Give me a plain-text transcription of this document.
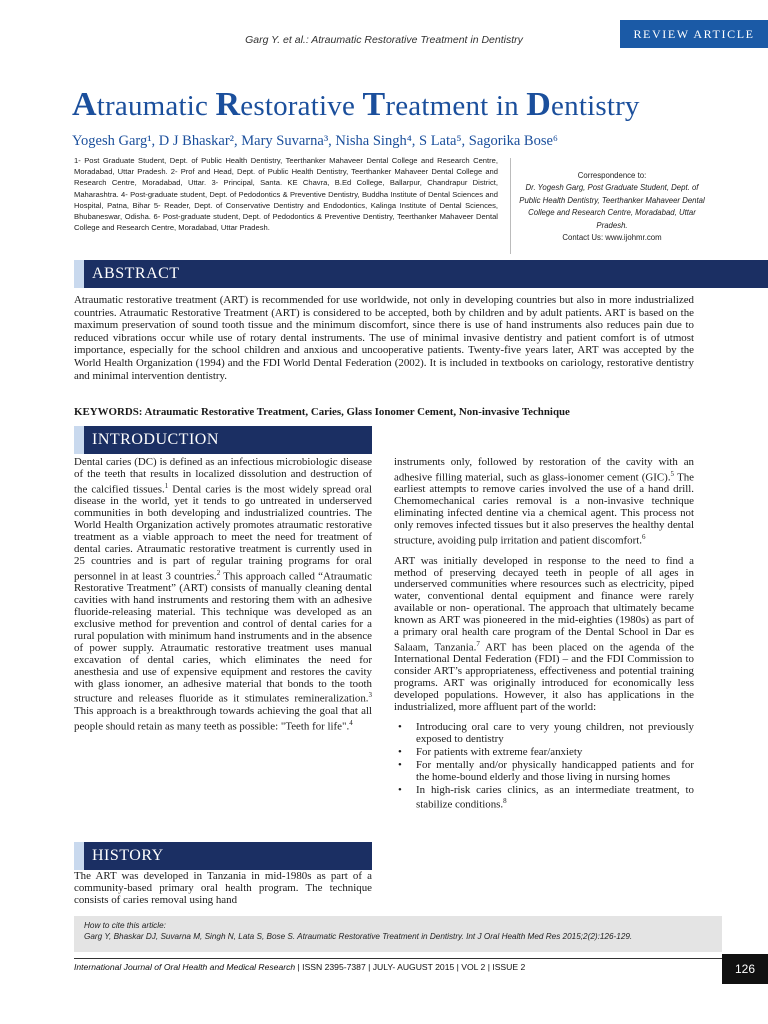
Garg Y. et al.: Atraumatic Restorative Treatment in Dentistry	REVIEW ARTICLE
Atraumatic Restorative Treatment in Dentistry
Yogesh Garg¹, D J Bhaskar², Mary Suvarna³, Nisha Singh⁴, S Lata⁵, Sagorika Bose⁶
1- Post Graduate Student, Dept. of Public Health Dentistry, Teerthanker Mahaveer Dental College and Research Centre, Moradabad, Uttar Pradesh. 2- Prof and Head, Dept. of Public Health Dentistry, Teerthanker Mahaveer Dental College and Research Centre, Moradabad, Uttar. 3- Principal, Santa. KE Chavra, B.Ed College, Ballarpur, Chandrapur District, Maharashtra. 4- Post-graduate student, Dept. of Pedodontics & Preventive Dentistry, Buddha Institute of Dental Sciences and Hospital, Patna, Bihar 5- Reader, Dept. of Conservative Dentistry and Endodontics, Kalinga Institute of Dental Sciences, Bhubaneswar, Odisha. 6- Post-graduate student, Dept. of Pedodontics & Preventive Dentistry, Teerthanker Mahaveer Dental College and Research Centre, Moradabad, Uttar Pradesh.
Correspondence to:
Dr. Yogesh Garg, Post Graduate Student, Dept. of Public Health Dentistry, Teerthanker Mahaveer Dental College and Research Centre, Moradabad, Uttar Pradesh.
Contact Us: www.ijohmr.com
ABSTRACT
Atraumatic restorative treatment (ART) is recommended for use worldwide, not only in developing countries but also in more industrialized countries. Atraumatic Restorative Treatment (ART) is considered to be accepted, both by children and by adult patients. ART is based on the maximum preservation of sound tooth tissue and the minimum discomfort, since there is use of hand instruments also reduces pain due to reduced vibrations occur while use of rotary dental instruments. The use of minimal invasive dentistry and patient comfort is of utmost importance, especially for the school children and anxious and uncooperative patients. Twenty-five years later, ART was accepted by the World Health Organization (1994) and the FDI World Dental Federation (2002). It is included in textbooks on cariology, restorative dentistry and minimal intervention dentistry.
KEYWORDS: Atraumatic Restorative Treatment, Caries, Glass Ionomer Cement, Non-invasive Technique
INTRODUCTION

Dental caries (DC) is defined as an infectious microbiologic disease of the teeth that results in localized dissolution and destruction of the calcified tissues.$^1$ Dental caries is the most widely spread oral disease in the world, yet it tends to go untreated in underserved communities in both developing and industrialized countries. The World Health Organization actively promotes atraumatic restorative treatment as a viable approach to meet the need for treatment of dental caries. Atraumatic restorative treatment is currently used in 25 countries and is part of regular training programs for oral personnel in at least 3 countries.$^2$ This approach called “Atraumatic Restorative Treatment” (ART) consists of manually cleaning dental cavities with hand instruments and restoring them with an adhesive fluoride-releasing material. This technique was developed as an exclusive method for prevention and control of dental caries for a rural population with minimum hand instruments and in the absence of power supply. Atraumatic restorative treatment uses manual excavation of dental caries, which eliminates the need for anesthesia and use of expensive equipment and restores the cavity with glass ionomer, an adhesive material that bonds to the tooth structure and releases fluoride as it stimulates remineralization.$^3$ This approach is a breakthrough towards achieving the goal that all people should retain as many teeth as possible: "Teeth for life".$^4$

HISTORY

The ART was developed in Tanzania in mid-1980s as part of a community-based primary oral health program. The technique consists of caries removal using hand

instruments only, followed by restoration of the cavity with an adhesive filling material, such as glass-ionomer cement (GIC).$^5$ The earliest attempts to remove caries involved the use of a hand drill. Chemomechanical caries removal is a non-invasive technique eliminating infected dentine via a chemical agent. This process not only removes infected tissues but it also preserves the healthy dental structure, avoiding pulp irritation and patient discomfort.$^6$

ART was initially developed in response to the need to find a method of preserving decayed teeth in people of all ages in underserved communities where resources such as electricity, piped water, conventional dental equipment and finance were rarely available or non- operational. The approach that ultimately became known as ART was pioneered in the mid-eighties (1980s) as part of a primary oral health care program of the Dental School in Dar es Salaam, Tanzania.$^7$ ART has been placed on the agenda of the International Dental Federation (FDI) – and the FDI Commission to consider ART’s appropriateness, effectiveness and potential training programs. ART was originally introduced for economically less developed populations. However, it also has applications in the industrialized, more affluent part of the world:

• Introducing oral care to very young children, not previously exposed to dentistry
• For patients with extreme fear/anxiety
• For mentally and/or physically handicapped patients and for the home-bound elderly and those living in nursing homes
• In high-risk caries clinics, as an intermediate treatment, to stabilize conditions.$^8$
How to cite this article:
Garg Y, Bhaskar DJ, Suvarna M, Singh N, Lata S, Bose S. Atraumatic Restorative Treatment in Dentistry. Int J Oral Health Med Res 2015;2(2):126-129.
International Journal of Oral Health and Medical Research | ISSN 2395-7387 | JULY- AUGUST 2015 | VOL 2 | ISSUE 2	126
